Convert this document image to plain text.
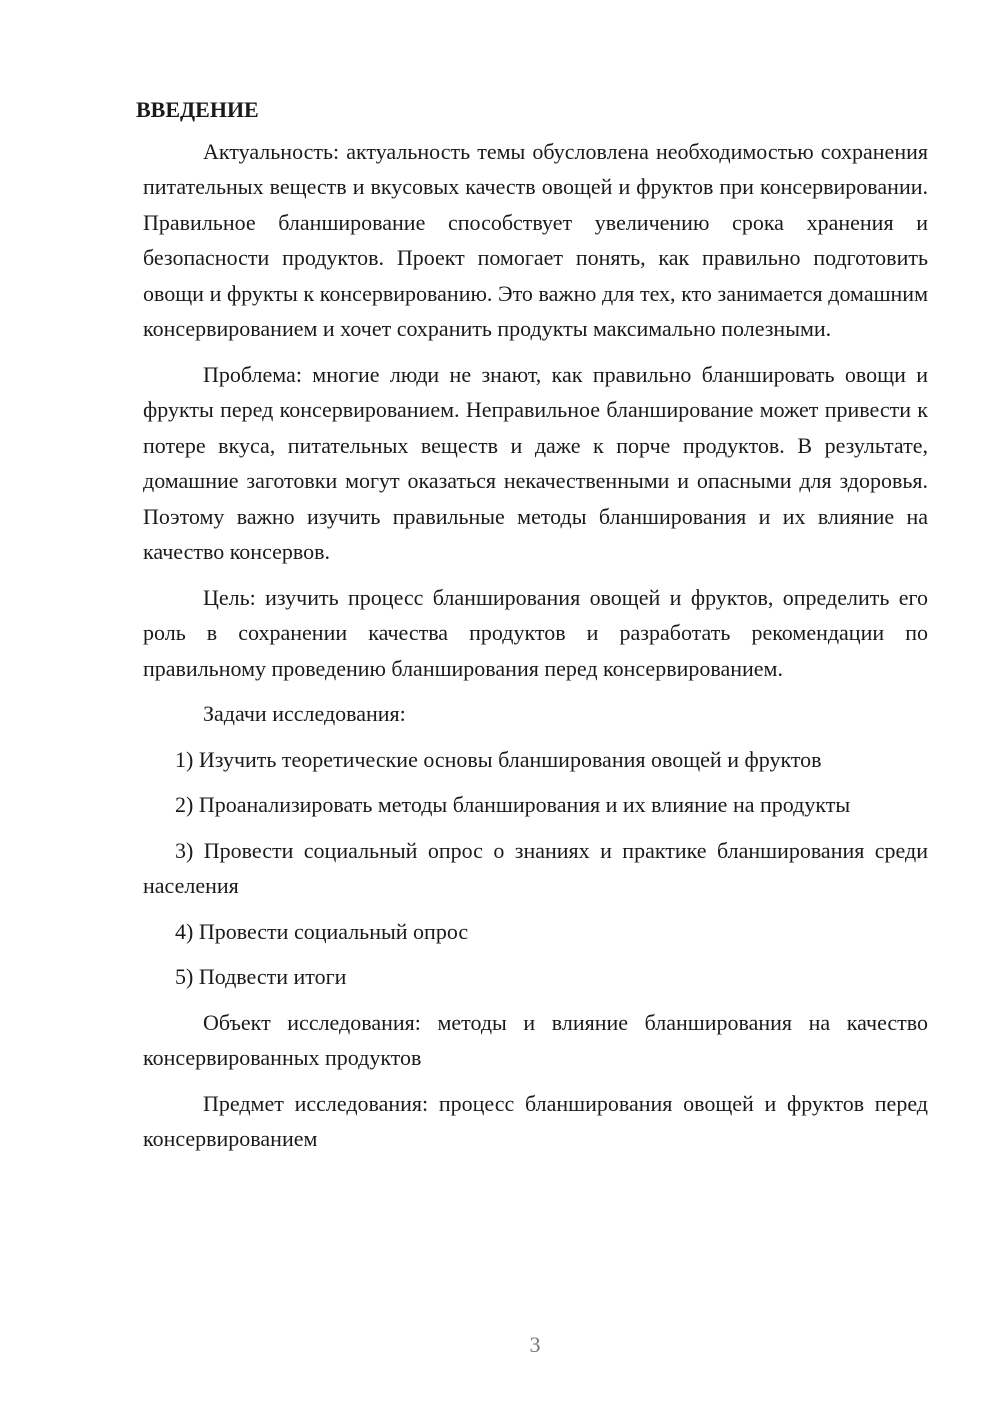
ВВЕДЕНИЕ

Актуальность: актуальность темы обусловлена необходимостью сохранения питательных веществ и вкусовых качеств овощей и фруктов при консервировании. Правильное бланширование способствует увеличению срока хранения и безопасности продуктов. Проект помогает понять, как правильно подготовить овощи и фрукты к консервированию. Это важно для тех, кто занимается домашним консервированием и хочет сохранить продукты максимально полезными.

Проблема: многие люди не знают, как правильно бланшировать овощи и фрукты перед консервированием. Неправильное бланширование может привести к потере вкуса, питательных веществ и даже к порче продуктов. В результате, домашние заготовки могут оказаться некачественными и опасными для здоровья. Поэтому важно изучить правильные методы бланширования и их влияние на качество консервов.

Цель: изучить процесс бланширования овощей и фруктов, определить его роль в сохранении качества продуктов и разработать рекомендации по правильному проведению бланширования перед консервированием.

Задачи исследования:

1) Изучить теоретические основы бланширования овощей и фруктов

2) Проанализировать методы бланширования и их влияние на продукты

3) Провести социальный опрос о знаниях и практике бланширования среди населения

4) Провести социальный опрос

5) Подвести итоги

Объект исследования: методы и влияние бланширования на качество консервированных продуктов

Предмет исследования: процесс бланширования овощей и фруктов перед консервированием

3
